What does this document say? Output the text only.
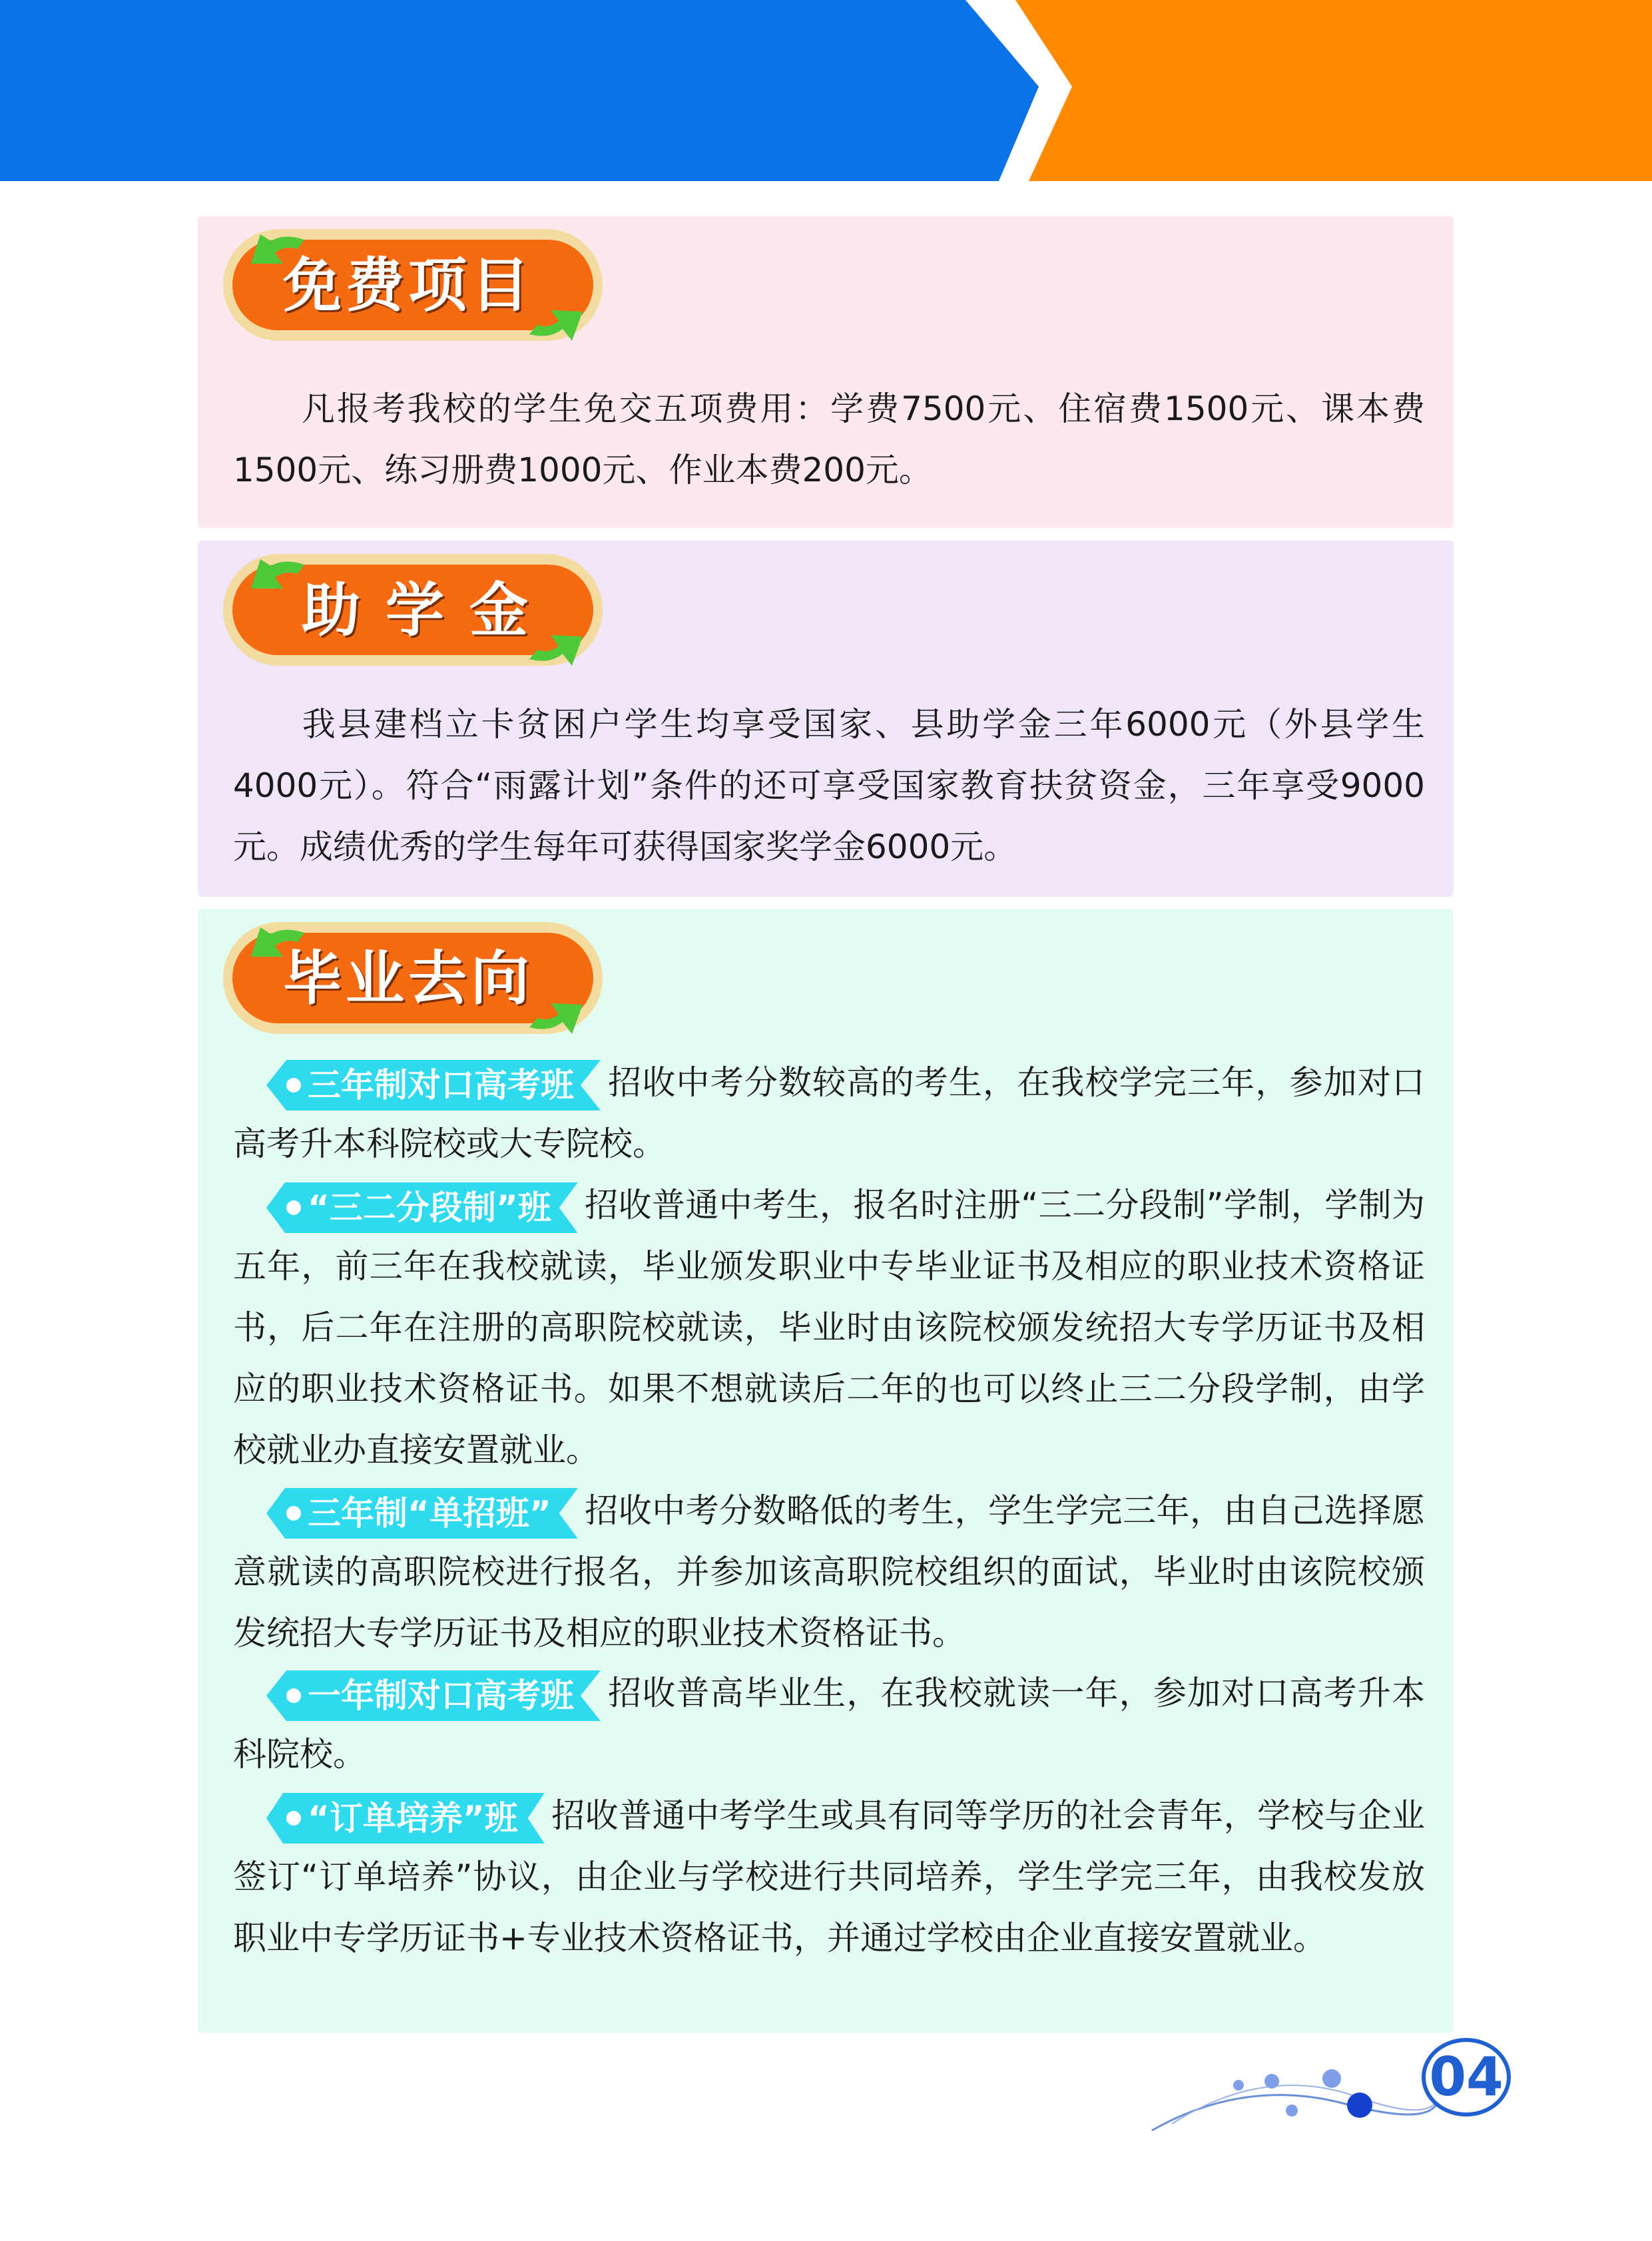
免费项目

凡报考我校的学生免交五项费用：学费7500元、住宿费1500元、课本费1500元、练习册费1000元、作业本费200元。

助学金

我县建档立卡贫困户学生均享受国家、县助学金三年6000元（外县学生4000元）。符合“雨露计划”条件的还可享受国家教育扶贫资金，三年享受9000元。成绩优秀的学生每年可获得国家奖学金6000元。

毕业去向

三年制对口高考班	招收中考分数较高的考生，在我校学完三年，参加对口高考升本科院校或大专院校。

“三二分段制”班	招收普通中考生，报名时注册“三二分段制”学制，学制为五年，前三年在我校就读，毕业颁发职业中专毕业证书及相应的职业技术资格证书，后二年在注册的高职院校就读，毕业时由该院校颁发统招大专学历证书及相应的职业技术资格证书。如果不想就读后二年的也可以终止三二分段学制，由学校就业办直接安置就业。

三年制“单招班”	招收中考分数略低的考生，学生学完三年，由自己选择愿意就读的高职院校进行报名，并参加该高职院校组织的面试，毕业时由该院校颁发统招大专学历证书及相应的职业技术资格证书。

一年制对口高考班	招收普高毕业生，在我校就读一年，参加对口高考升本科院校。

“订单培养”班	招收普通中考学生或具有同等学历的社会青年，学校与企业签订“订单培养”协议，由企业与学校进行共同培养，学生学完三年，由我校发放职业中专学历证书+专业技术资格证书，并通过学校由企业直接安置就业。

04
